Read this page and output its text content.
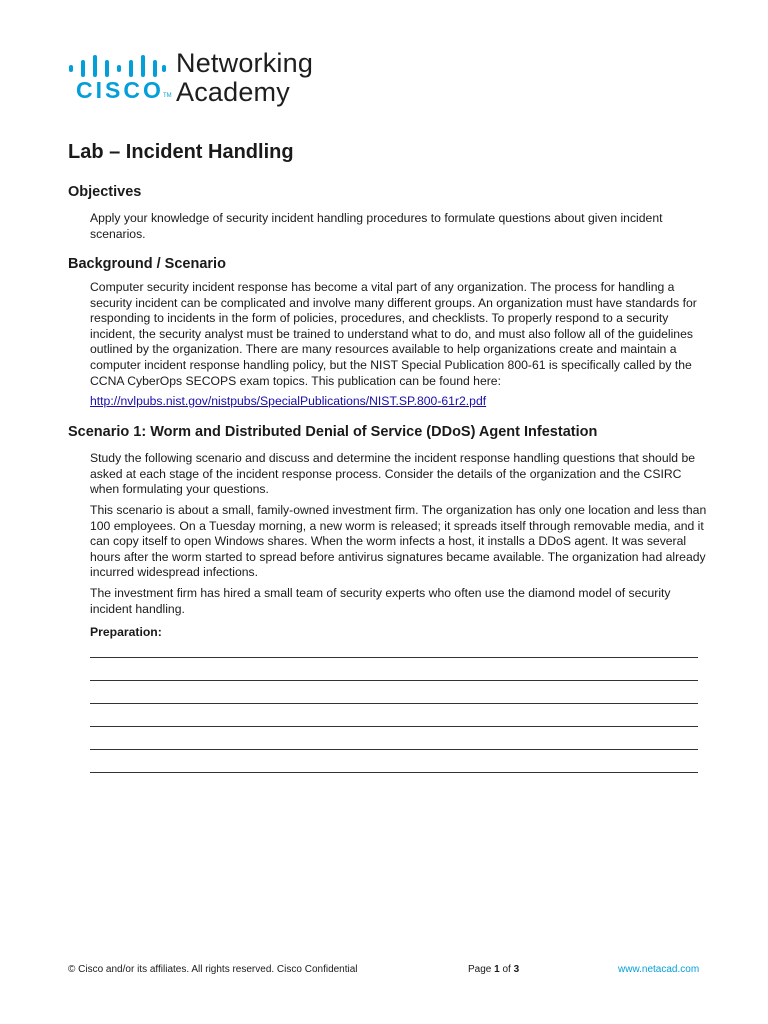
CISCO TM
Networking
Academy
Lab – Incident Handling
Objectives

Apply your knowledge of security incident handling procedures to formulate questions about given incident scenarios.

Background / Scenario

Computer security incident response has become a vital part of any organization. The process for handling a security incident can be complicated and involve many different groups. An organization must have standards for responding to incidents in the form of policies, procedures, and checklists. To properly respond to a security incident, the security analyst must be trained to understand what to do, and must also follow all of the guidelines outlined by the organization. There are many resources available to help organizations create and maintain a computer incident response handling policy, but the NIST Special Publication 800-61 is specifically called by the CCNA CyberOps SECOPS exam topics. This publication can be found here:

http://nvlpubs.nist.gov/nistpubs/SpecialPublications/NIST.SP.800-61r2.pdf

Scenario 1: Worm and Distributed Denial of Service (DDoS) Agent Infestation

Study the following scenario and discuss and determine the incident response handling questions that should be asked at each stage of the incident response process. Consider the details of the organization and the CSIRC when formulating your questions.

This scenario is about a small, family-owned investment firm. The organization has only one location and less than 100 employees. On a Tuesday morning, a new worm is released; it spreads itself through removable media, and it can copy itself to open Windows shares. When the worm infects a host, it installs a DDoS agent. It was several hours after the worm started to spread before antivirus signatures became available. The organization had already incurred widespread infections.

The investment firm has hired a small team of security experts who often use the diamond model of security incident handling.

Preparation:

© Cisco and/or its affiliates. All rights reserved. Cisco Confidential	Page 1 of 3	www.netacad.com
